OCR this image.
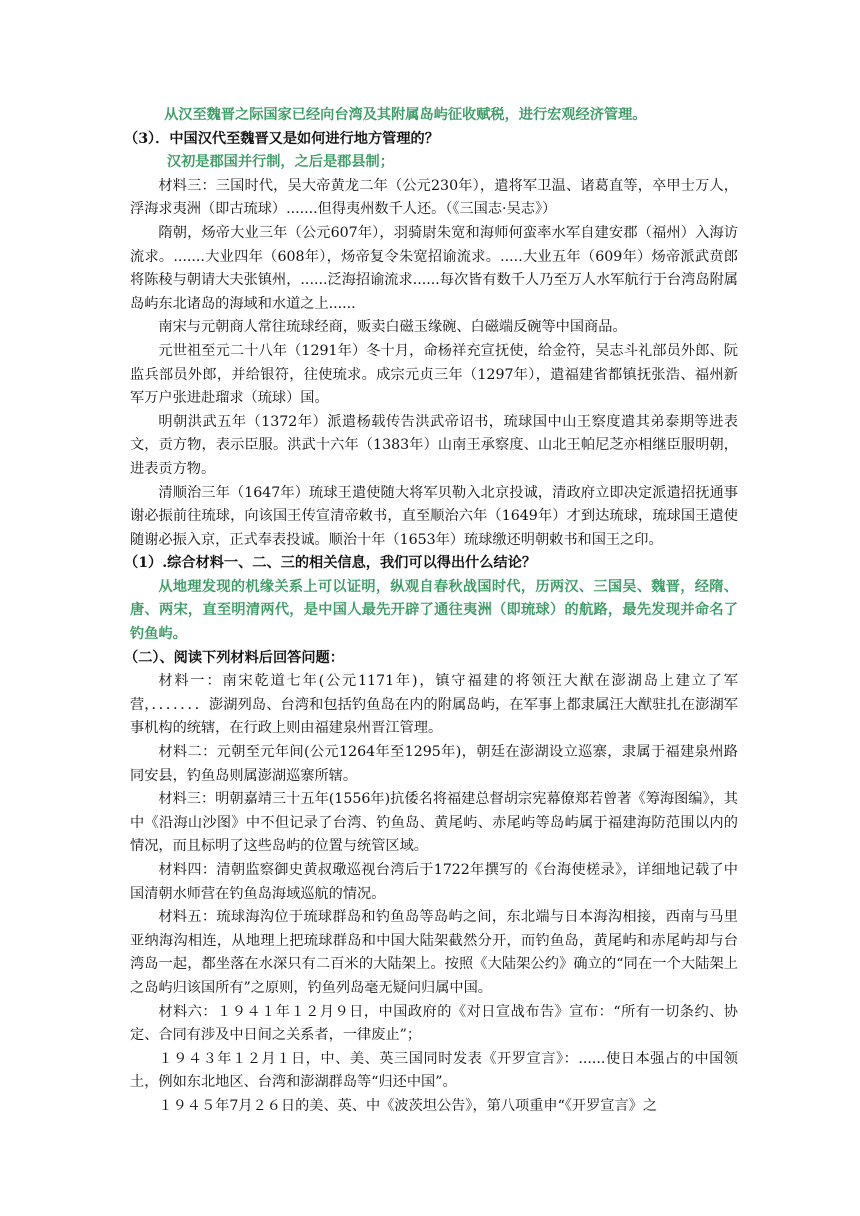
从汉至魏晋之际国家已经向台湾及其附属岛屿征收赋税，进行宏观经济管理。

（3）．中国汉代至魏晋又是如何进行地方管理的？

汉初是郡国并行制，之后是郡县制；

材料三：三国时代，吴大帝黄龙二年（公元230年），遣将军卫温、诸葛直等，卒甲士万人，浮海求夷洲（即古琉球）.......但得夷州数千人还。（《三国志·吴志》）

隋朝，炀帝大业三年（公元607年），羽骑尉朱宽和海师何蛮率水军自建安郡（福州）入海访流求。.......大业四年（608年），炀帝复令朱宽招谕流求。.....大业五年（609年）炀帝派武贲郎将陈稜与朝请大夫张镇州，......泛海招谕流求......每次皆有数千人乃至万人水军航行于台湾岛附属岛屿东北诸岛的海域和水道之上......

南宋与元朝商人常往琉球经商，贩卖白磁玉缘碗、白磁端反碗等中国商品。

元世祖至元二十八年（1291年）冬十月，命杨祥充宣抚使，给金符，吴志斗礼部员外郎、阮监兵部员外郎，并给银符，往使琉求。成宗元贞三年（1297年），遣福建省都镇抚张浩、福州新军万户张进赴瑠求（琉球）国。

明朝洪武五年（1372年）派遣杨载传告洪武帝诏书，琉球国中山王察度遣其弟泰期等进表文，贡方物，表示臣服。洪武十六年（1383年）山南王承察度、山北王帕尼芝亦相继臣服明朝，进表贡方物。

清顺治三年（1647年）琉球王遣使随大将军贝勒入北京投诚，清政府立即决定派遣招抚通事谢必振前往琉球，向该国王传宣清帝敕书，直至顺治六年（1649年）才到达琉球，琉球国王遣使随谢必振入京，正式奉表投诚。顺治十年（1653年）琉球缴还明朝敕书和国王之印。

（1）.综合材料一、二、三的相关信息，我们可以得出什么结论？

从地理发现的机缘关系上可以证明，纵观自春秋战国时代，历两汉、三国吴、魏晋，经隋、唐、两宋，直至明清两代，是中国人最先开辟了通往夷洲（即琉球）的航路，最先发现并命名了钓鱼屿。

（二）、阅读下列材料后回答问题：

材料一：南宋乾道七年(公元1171年)，镇守福建的将领汪大猷在澎湖岛上建立了军营，．．．．．．．澎湖列岛、台湾和包括钓鱼岛在内的附属岛屿，在军事上都隶属汪大猷驻扎在澎湖军事机构的统辖，在行政上则由福建泉州晋江管理。

材料二：元朝至元年间(公元1264年至1295年)，朝廷在澎湖设立巡寨，隶属于福建泉州路同安县，钓鱼岛则属澎湖巡寨所辖。

材料三：明朝嘉靖三十五年(1556年)抗倭名将福建总督胡宗宪幕僚郑若曾著《筹海图编》，其中《沿海山沙图》中不但记录了台湾、钓鱼岛、黄尾屿、赤尾屿等岛屿属于福建海防范围以内的情况，而且标明了这些岛屿的位置与统管区域。

材料四：清朝监察御史黄叔璥巡视台湾后于1722年撰写的《台海使槎录》，详细地记载了中国清朝水师营在钓鱼岛海域巡航的情况。

材料五：琉球海沟位于琉球群岛和钓鱼岛等岛屿之间，东北端与日本海沟相接，西南与马里亚纳海沟相连，从地理上把琉球群岛和中国大陆架截然分开，而钓鱼岛，黄尾屿和赤尾屿却与台湾岛一起，都坐落在水深只有二百米的大陆架上。按照《大陆架公约》确立的“同在一个大陆架上之岛屿归该国所有”之原则，钓鱼列岛毫无疑问归属中国。

材料六：１９４１年１２月９日，中国政府的《对日宣战布告》宣布：“所有一切条约、协定、合同有涉及中日间之关系者，一律废止”；

１９４３年１２月１日，中、美、英三国同时发表《开罗宣言》：......使日本强占的中国领土，例如东北地区、台湾和澎湖群岛等“归还中国”。

１９４５年7月２６日的美、英、中《波茨坦公告》，第八项重申“《开罗宣言》之
